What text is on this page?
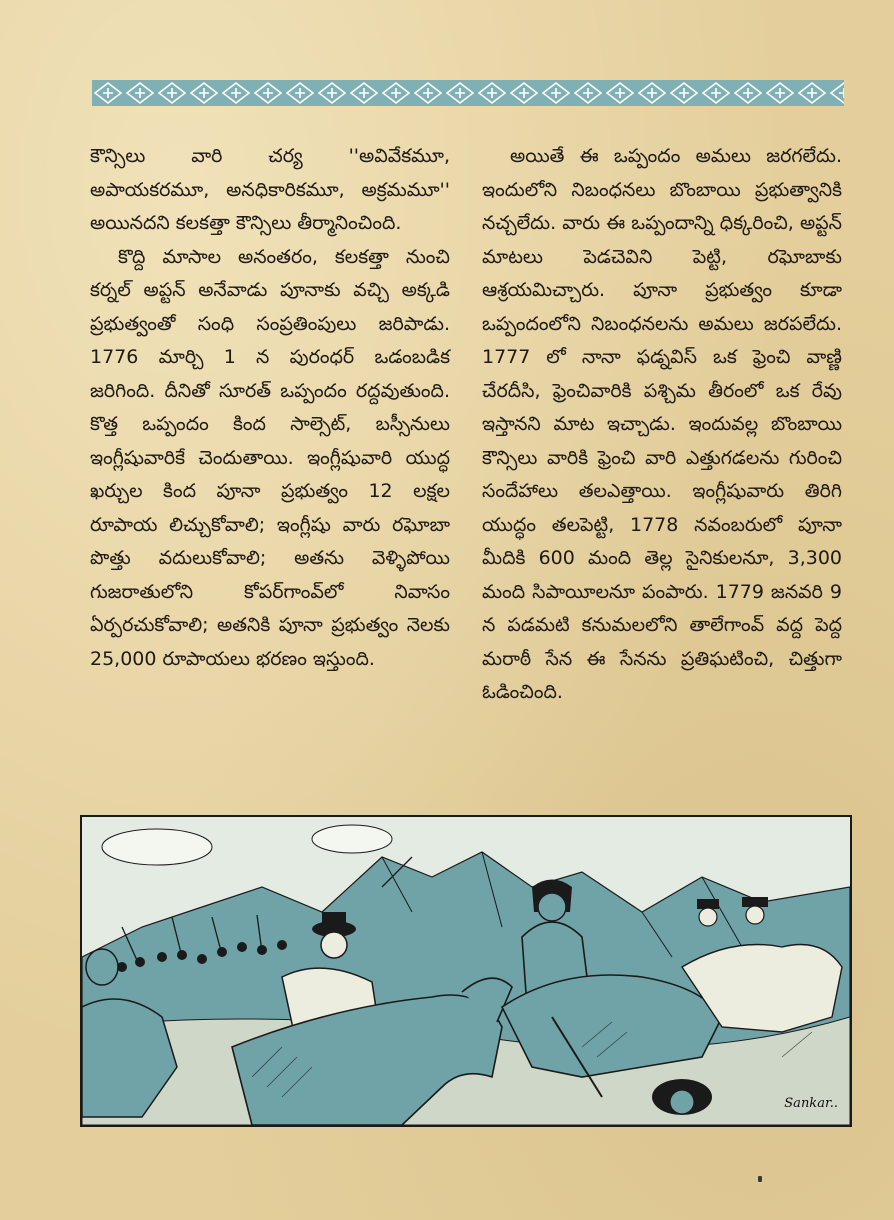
కౌన్సిలు వారి చర్య ''అవివేకమూ, అపాయకరమూ, అనధికారికమూ, అక్రమమూ'' అయినదని కలకత్తా కౌన్సిలు తీర్మానించింది.

కొద్ది మాసాల అనంతరం, కలకత్తా నుంచి కర్నల్ అప్టన్ అనేవాడు పూనాకు వచ్చి అక్కడి ప్రభుత్వంతో సంధి సంప్రతింపులు జరిపాడు. 1776 మార్చి 1 న పురంధర్ ఒడంబడిక జరిగింది. దీనితో సూరత్ ఒప్పందం రద్దవుతుంది. కొత్త ఒప్పందం కింద సాల్సెట్, బస్సీనులు ఇంగ్లీషువారికే చెందుతాయి. ఇంగ్లీషువారి యుద్ధ ఖర్చుల కింద పూనా ప్రభుత్వం 12 లక్షల రూపాయ లిచ్చుకోవాలి; ఇంగ్లీషు వారు రఘోబా పొత్తు వదులుకోవాలి; అతను వెళ్ళిపోయి గుజరాతులోని కోపర్‌గాంవ్‌లో నివాసం ఏర్పరచుకోవాలి; అతనికి పూనా ప్రభుత్వం నెలకు 25,000 రూపాయలు భరణం ఇస్తుంది.

అయితే ఈ ఒప్పందం అమలు జరగలేదు. ఇందులోని నిబంధనలు బొంబాయి ప్రభుత్వానికి నచ్చలేదు. వారు ఈ ఒప్పందాన్ని ధిక్కరించి, అప్టన్ మాటలు పెడచెవిని పెట్టి, రఘోబాకు ఆశ్రయమిచ్చారు. పూనా ప్రభుత్వం కూడా ఒప్పందంలోని నిబంధనలను అమలు జరపలేదు. 1777 లో నానా ఫడ్నవిస్ ఒక ఫ్రెంచి వాణ్ణి చేరదీసి, ఫ్రెంచివారికి పశ్చిమ తీరంలో ఒక రేవు ఇస్తానని మాట ఇచ్చాడు. ఇందువల్ల బొంబాయి కౌన్సిలు వారికి ఫ్రెంచి వారి ఎత్తుగడలను గురించి సందేహాలు తలఎత్తాయి. ఇంగ్లీషువారు తిరిగి యుద్ధం తలపెట్టి, 1778 నవంబరులో పూనా మీదికి 600 మంది తెల్ల సైనికులనూ, 3,300 మంది సిపాయీలనూ పంపారు. 1779 జనవరి 9 న పడమటి కనుమలలోని తాలేగాంవ్ వద్ద పెద్ద మరాఠీ సేన ఈ సేనను ప్రతిఘటించి, చిత్తుగా ఓడించింది.

Sankar..
